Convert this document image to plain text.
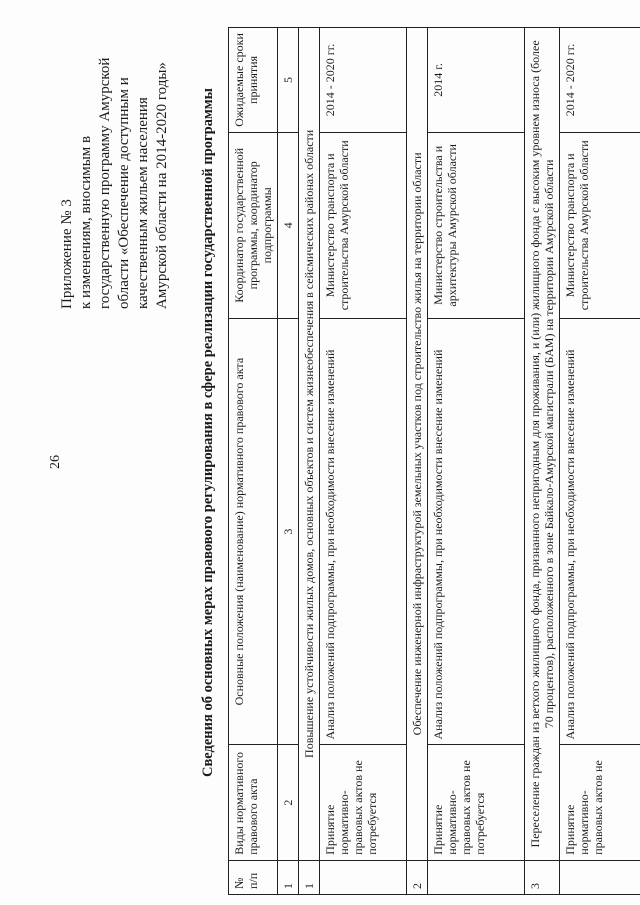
26
Приложение № 3 к изменениям, вносимым в государственную программу Амурской области «Обеспечение доступным и качественным жильем населения Амурской области на 2014-2020 годы» Сведения об основных мерах правового регулирования в сфере реализации государственной программы
№ п/п	Виды нормативного правового акта	Основные положения (наименование) нормативного правового акта	Координатор государственной программы, координатор подпрограммы	Ожидаемые сроки принятия
1	2	3	4	5
1	Повышение устойчивости жилых домов, основных объектов и систем жизнеобеспечения в сейсмических районах области			
	Принятие нормативно-правовых актов не потребуется	Анализ положений подпрограммы, при необходимости внесение изменений	Министерство транспорта и строительства Амурской области	2014 - 2020 гг.
2	Обеспечение инженерной инфраструктурой земельных участков под строительство жилья на территории области			
	Принятие нормативно-правовых актов не потребуется	Анализ положений подпрограммы, при необходимости внесение изменений	Министерство строительства и архитектуры Амурской области	2014 г.
3	Переселение граждан из ветхого жилищного фонда, признанного непригодным для проживания, и (или) жилищного фонда с высоким уровнем износа (более 70 процентов), расположенного в зоне Байкало-Амурской магистрали (БАМ) на территории Амурской области			
	Принятие нормативно-правовых актов не	Анализ положений подпрограммы, при необходимости внесение изменений	Министерство транспорта и строительства Амурской области	2014 - 2020 гг.
